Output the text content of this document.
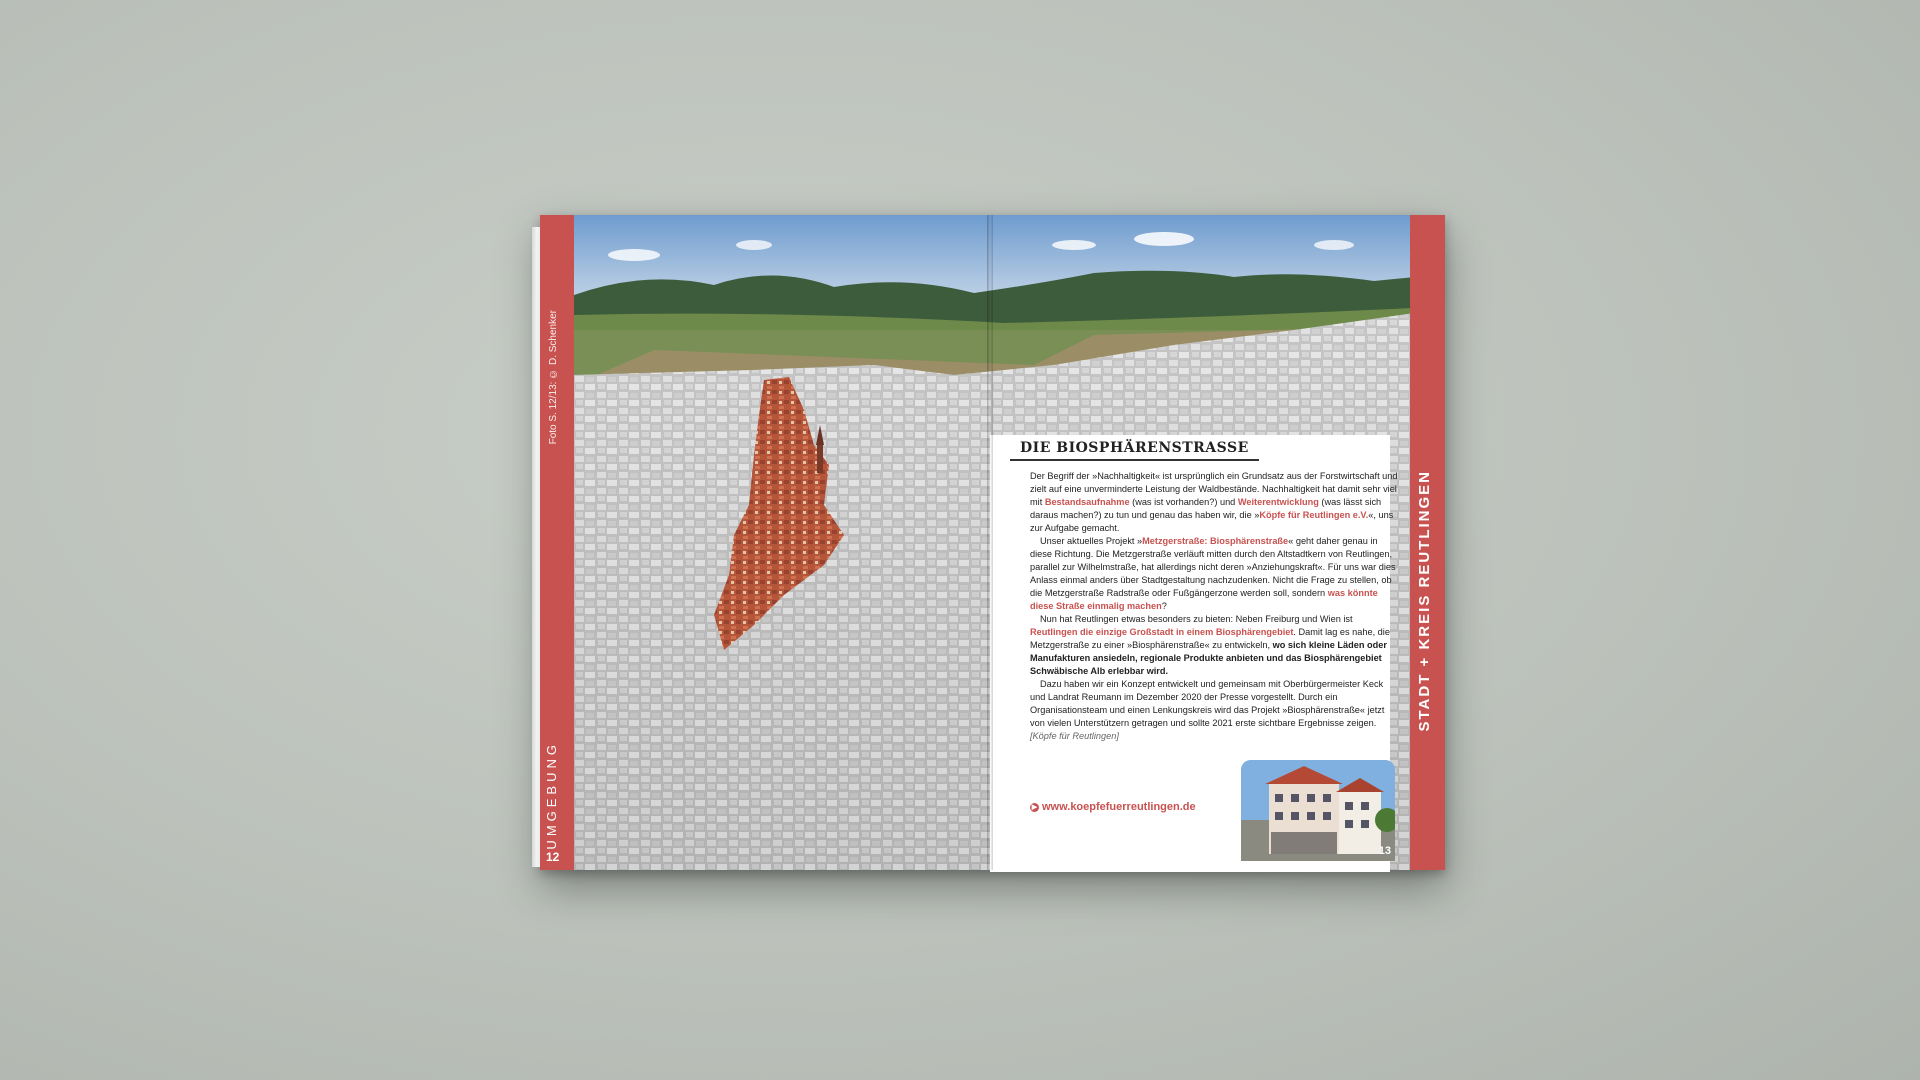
Foto S. 12/13: © D. Schenker
UMGEBUNG
12
STADT + KREIS REUTLINGEN
DIE BIOSPHÄRENSTRASSE

Der Begriff der »Nachhaltigkeit« ist ursprünglich ein Grundsatz aus der Forstwirtschaft und zielt auf eine unverminderte Leistung der Waldbestände. Nachhaltigkeit hat damit sehr viel mit Bestandsaufnahme (was ist vorhanden?) und Weiterentwicklung (was lässt sich daraus machen?) zu tun und genau das haben wir, die »Köpfe für Reutlingen e.V.«, uns zur Aufgabe gemacht.

Unser aktuelles Projekt »Metzgerstraße: Biosphärenstraße« geht daher genau in diese Richtung. Die Metzgerstraße verläuft mitten durch den Altstadtkern von Reutlingen, parallel zur Wilhelmstraße, hat allerdings nicht deren »Anziehungskraft«. Für uns war dies Anlass einmal anders über Stadtgestaltung nachzudenken. Nicht die Frage zu stellen, ob die Metzgerstraße Radstraße oder Fußgängerzone werden soll, sondern was könnte diese Straße einmalig machen?

Nun hat Reutlingen etwas besonders zu bieten: Neben Freiburg und Wien ist Reutlingen die einzige Großstadt in einem Biosphärengebiet. Damit lag es nahe, die Metzgerstraße zu einer »Biosphärenstraße« zu entwickeln, wo sich kleine Läden oder Manufakturen ansiedeln, regionale Produkte anbieten und das Biosphärengebiet Schwäbische Alb erlebbar wird.

Dazu haben wir ein Konzept entwickelt und gemeinsam mit Oberbürgermeister Keck und Landrat Reumann im Dezember 2020 der Presse vorgestellt. Durch ein Organisationsteam und einen Lenkungskreis wird das Projekt »Biosphärenstraße« jetzt von vielen Unterstützern getragen und sollte 2021 erste sichtbare Ergebnisse zeigen.

[Köpfe für Reutlingen]

▶ www.koepfefuerreutlingen.de
13
